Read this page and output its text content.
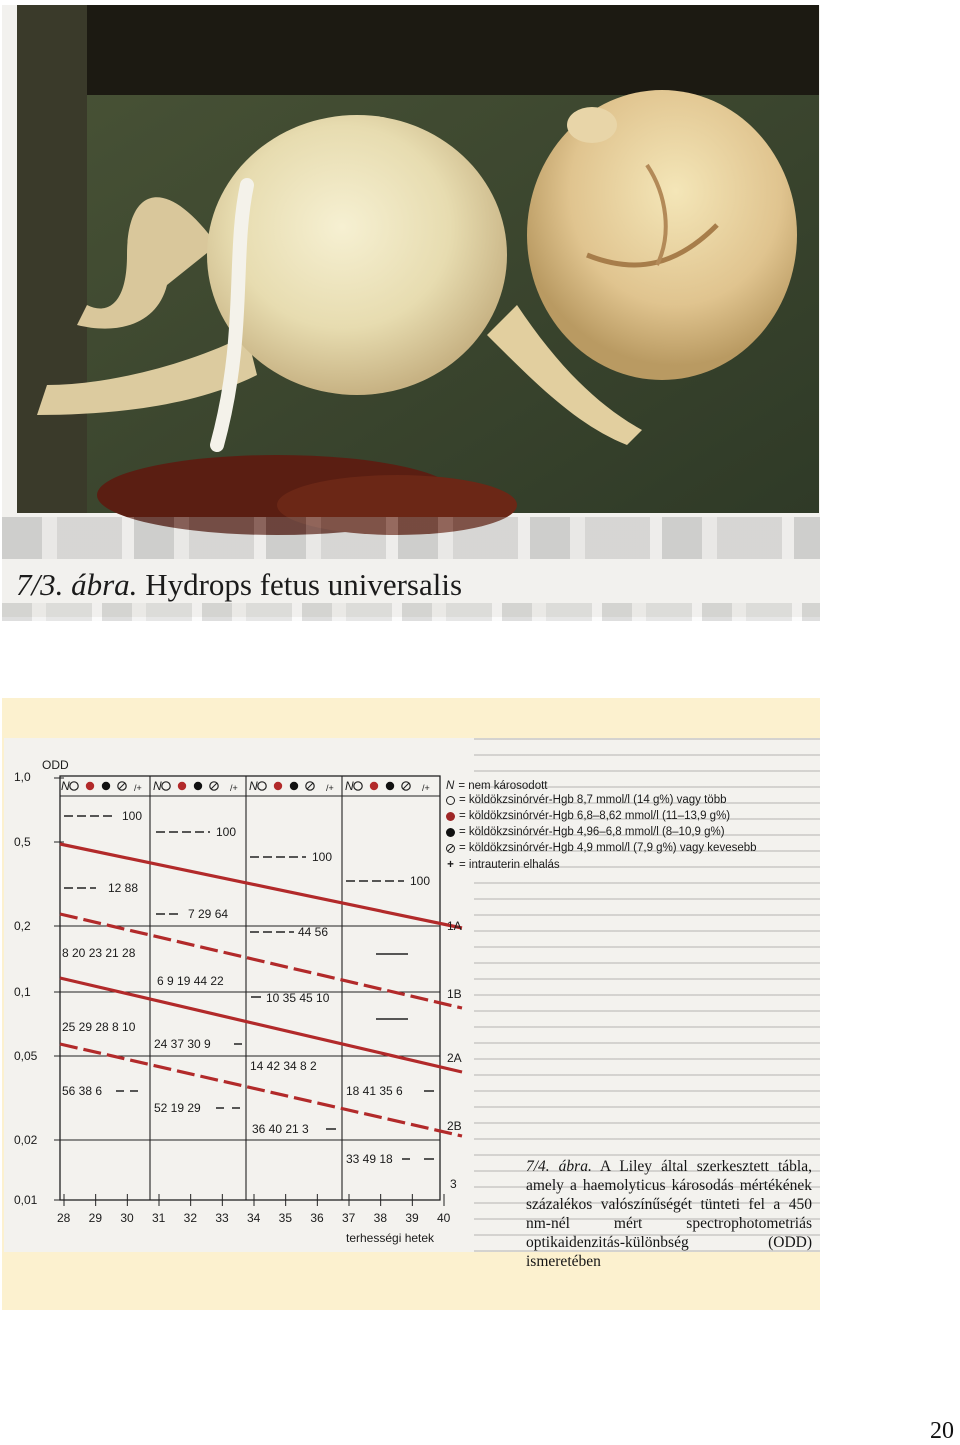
7/3. ábra. Hydrops fetus universalis
ODD
1,0
0,5
0,2
0,1
0,05
0,02
0,01
28 29 30 31 32 33 34 35 36 37 38 39 40
terhességi hetek
N	N	N	N
/+	/+	/+	/+
1A
1B
2A
2B
3
100
100
100
100
12 88
7 29 64
44 56
8 20 23 21 28
6 9 19 44 22
10 35 45 10
25 29 28 8 10
24 37 30 9
14 42 34 8 2
56 38 6
52 19 29
18 41 35 6
36 40 21 3
33 49 18
N = nem károsodott
= köldökzsinórvér-Hgb 8,7 mmol/l (14 g%) vagy több
= köldökzsinórvér-Hgb 6,8–8,62 mmol/l (11–13,9 g%)
= köldökzsinórvér-Hgb 4,96–6,8 mmol/l (8–10,9 g%)
= köldökzsinórvér-Hgb 4,9 mmol/l (7,9 g%) vagy kevesebb
+ = intrauterin elhalás
7/4. ábra. A Liley által szerkesztett tábla, amely a haemolyticus károsodás mértékének százalékos valószínűségét tünteti fel a 450 nm-nél mért spectrophotometriás optikaidenzitás-különbség (ODD) ismeretében
20
